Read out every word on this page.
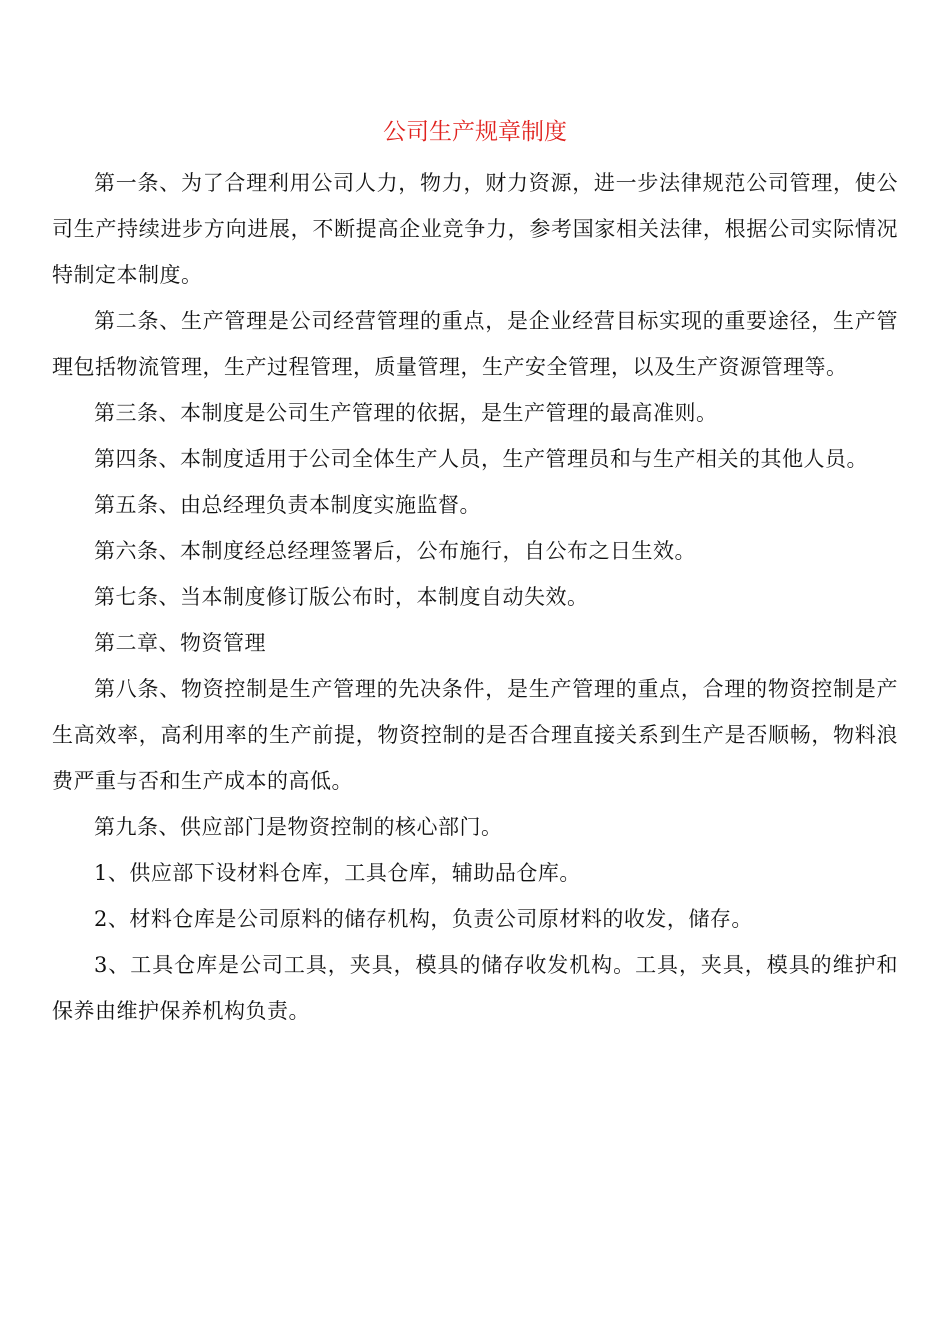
公司生产规章制度

第一条、为了合理利用公司人力，物力，财力资源，进一步法律规范公司管理，使公司生产持续进步方向进展，不断提高企业竞争力，参考国家相关法律，根据公司实际情况特制定本制度。

第二条、生产管理是公司经营管理的重点，是企业经营目标实现的重要途径，生产管理包括物流管理，生产过程管理，质量管理，生产安全管理，以及生产资源管理等。

第三条、本制度是公司生产管理的依据，是生产管理的最高准则。

第四条、本制度适用于公司全体生产人员，生产管理员和与生产相关的其他人员。

第五条、由总经理负责本制度实施监督。

第六条、本制度经总经理签署后，公布施行，自公布之日生效。

第七条、当本制度修订版公布时，本制度自动失效。

第二章、物资管理

第八条、物资控制是生产管理的先决条件，是生产管理的重点，合理的物资控制是产生高效率，高利用率的生产前提，物资控制的是否合理直接关系到生产是否顺畅，物料浪费严重与否和生产成本的高低。

第九条、供应部门是物资控制的核心部门。

1、供应部下设材料仓库，工具仓库，辅助品仓库。

2、材料仓库是公司原料的储存机构，负责公司原材料的收发，储存。

3、工具仓库是公司工具，夹具，模具的储存收发机构。工具，夹具，模具的维护和保养由维护保养机构负责。
